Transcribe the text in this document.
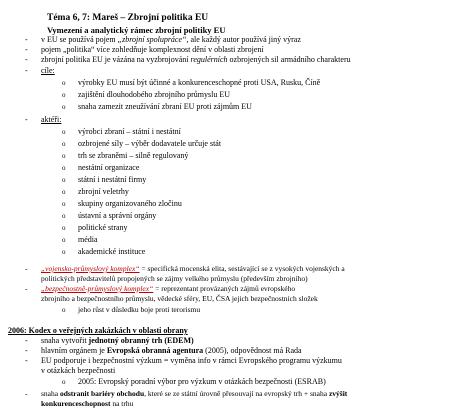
Téma 6, 7: Mareš – Zbrojní politika EU
Vymezení a analytický rámec zbrojní politiky EU
- v EU se používá pojem „zbrojní spolupráce“, ale každý autor používá jiný výraz
- pojem „politika“ více zohledňuje komplexnost dění v oblasti zbrojení
- zbrojní politika EU je vázána na vyzbrojování regulérních ozbrojených sil armádního charakteru
- cíle:
o výrobky EU musí být účinné a konkurenceschopné proti USA, Rusku, Číně
o zajištění dlouhodobého zbrojního průmyslu EU
o snaha zamezit zneužívání zbraní EU proti zájmům EU
- aktéři:
o výrobci zbraní – státní i nestátní
o ozbrojené síly – výběr dodavatele určuje stát
o trh se zbraněmi – silně regulovaný
o nestátní organizace
o státní i nestátní firmy
o zbrojní veletrhy
o skupiny organizovaného zločinu
o ústavní a správní orgány
o politické strany
o média
o akademické instituce
- „vojensko-průmyslový komplex“ = specifická mocenská elita, sestávající se z vysokých vojenských a
politických představitelů propojených se zájmy velkého průmyslu (především zbrojního)
- „bezpečnostně-průmyslový komplex“ = reprezentant provázaných zájmů evropského
zbrojního a bezpečnostního průmyslu, vědecké sféry, EU, ČSA jejich bezpečnostních složek
o jeho růst v důsledku boje proti terorismu
2006: Kodex o veřejných zakázkách v oblasti obrany
- snaha vytvořit jednotný obranný trh (EDEM)
- hlavním orgánem je Evropská obranná agentura (2005), odpovědnost má Rada
- EU podporuje i bezpečnostní výzkum = vyměna info v rámci Evropského programu výzkumu
v otázkách bezpečnosti
o 2005: Evropský poradní výbor pro výzkum v otázkách bezpečnosti (ESRAB)
- snaha odstranit bariéry obchodu, které se ze státní úrovně přesouvají na evropský trh + snaha zvýšit
konkurenceschopnost na trhu
